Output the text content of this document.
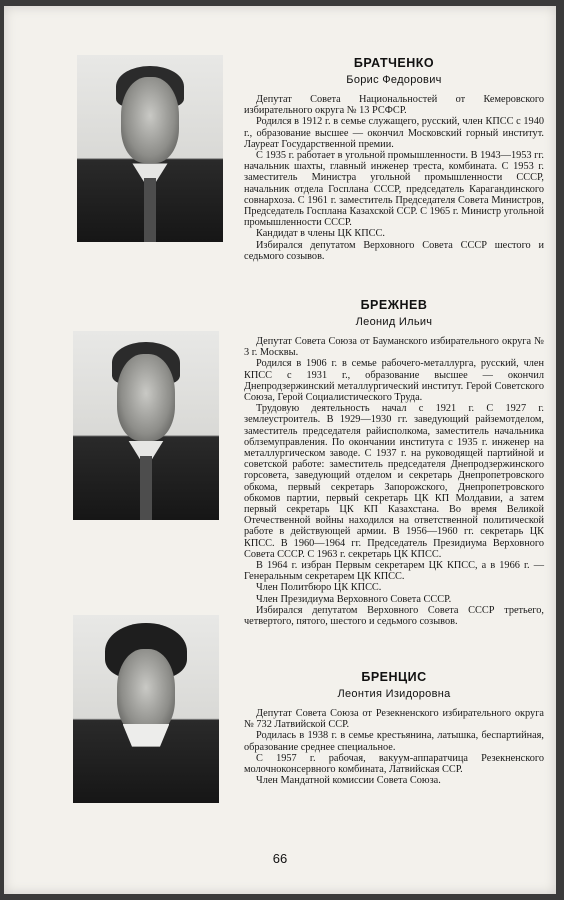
БРАТЧЕНКО
Борис Федорович

Депутат Совета Национальностей от Кемеровского избирательного округа № 13 РСФСР.

Родился в 1912 г. в семье служащего, русский, член КПСС с 1940 г., образование высшее — окончил Московский горный институт. Лауреат Государственной премии.

С 1935 г. работает в угольной промышленности. В 1943—1953 гг. начальник шахты, главный инженер треста, комбината. С 1953 г. заместитель Министра угольной промышленности СССР, начальник отдела Госплана СССР, председатель Карагандинского совнархоза. С 1961 г. заместитель Председателя Совета Министров, Председатель Госплана Казахской ССР. С 1965 г. Министр угольной промышленности СССР.

Кандидат в члены ЦК КПСС.

Избирался депутатом Верховного Совета СССР шестого и седьмого созывов.

БРЕЖНЕВ
Леонид Ильич

Депутат Совета Союза от Бауманского избирательного округа № 3 г. Москвы.

Родился в 1906 г. в семье рабочего-металлурга, русский, член КПСС с 1931 г., образование высшее — окончил Днепродзержинский металлургический институт. Герой Советского Союза, Герой Социалистического Труда.

Трудовую деятельность начал с 1921 г. С 1927 г. землеустроитель. В 1929—1930 гг. заведующий райземотделом, заместитель председателя райисполкома, заместитель начальника облземуправления. По окончании института с 1935 г. инженер на металлургическом заводе. С 1937 г. на руководящей партийной и советской работе: заместитель председателя Днепродзержинского горсовета, заведующий отделом и секретарь Днепропетровского обкома, первый секретарь Запорожского, Днепропетровского обкомов партии, первый секретарь ЦК КП Молдавии, а затем первый секретарь ЦК КП Казахстана. Во время Великой Отечественной войны находился на ответственной политической работе в действующей армии. В 1956—1960 гг. секретарь ЦК КПСС. В 1960—1964 гг. Председатель Президиума Верховного Совета СССР. С 1963 г. секретарь ЦК КПСС.

В 1964 г. избран Первым секретарем ЦК КПСС, а в 1966 г. — Генеральным секретарем ЦК КПСС.

Член Политбюро ЦК КПСС.

Член Президиума Верховного Совета СССР.

Избирался депутатом Верховного Совета СССР третьего, четвертого, пятого, шестого и седьмого созывов.

БРЕНЦИС
Леонтия Изидоровна

Депутат Совета Союза от Резекненского избирательного округа № 732 Латвийской ССР.

Родилась в 1938 г. в семье крестьянина, латышка, беспартийная, образование среднее специальное.

С 1957 г. рабочая, вакуум-аппаратчица Резекненского молочноконсервного комбината, Латвийская ССР.

Член Мандатной комиссии Совета Союза.

66
